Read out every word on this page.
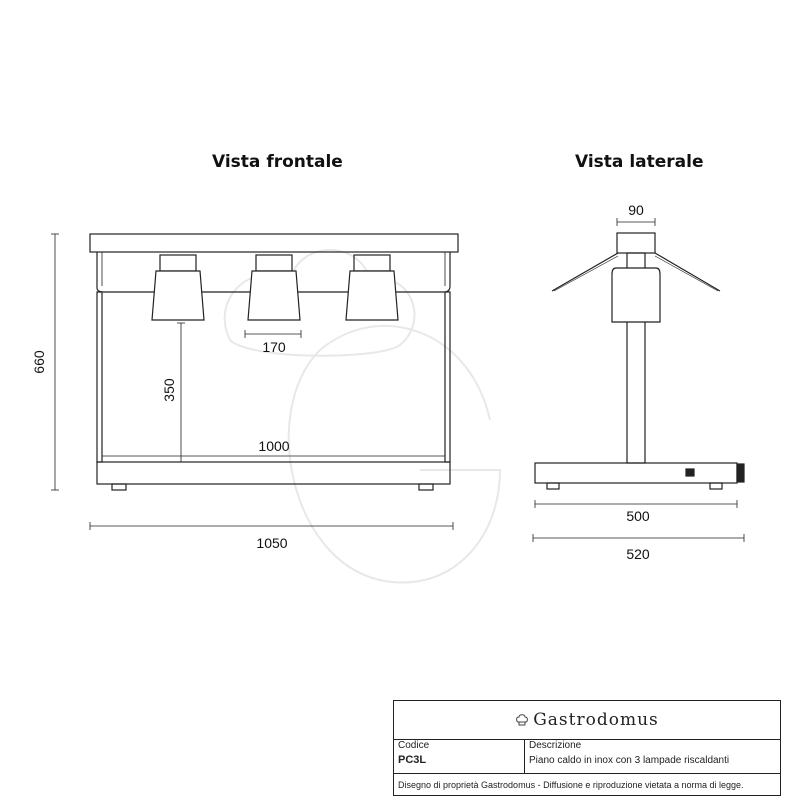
Vista frontale	Vista laterale
660
350
170
1000
1050
90
500
520
Gastrodomus
Codice
PC3L
Descrizione
Piano caldo in inox con 3 lampade riscaldanti
Disegno di proprietà Gastrodomus - Diffusione e riproduzione vietata a norma di legge.
